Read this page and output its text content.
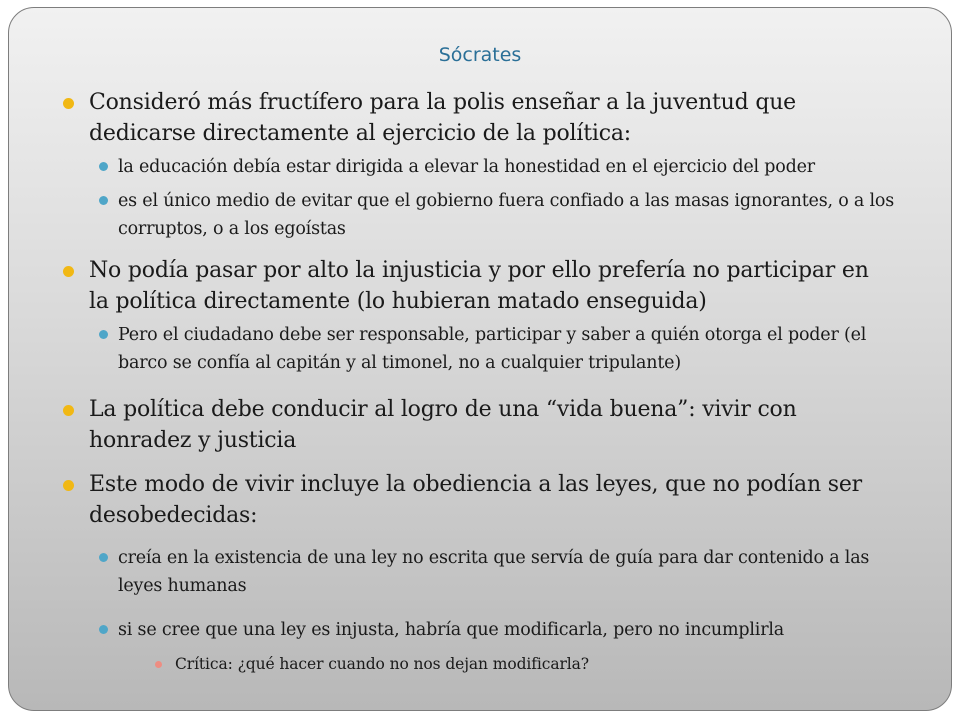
Sócrates

Consideró más fructífero para la polis enseñar a la juventud que dedicarse directamente al ejercicio de la política:

la educación debía estar dirigida a elevar la honestidad en el ejercicio del poder

es el único medio de evitar que el gobierno fuera confiado a las masas ignorantes, o a los corruptos, o a los egoístas

No podía pasar por alto la injusticia y por ello prefería no participar en la política directamente (lo hubieran matado enseguida)

Pero el ciudadano debe ser responsable, participar y saber a quién otorga el poder (el barco se confía al capitán y al timonel, no a cualquier tripulante)

La política debe conducir al logro de una “vida buena”: vivir con honradez y justicia

Este modo de vivir incluye la obediencia a las leyes, que no podían ser desobedecidas:

creía en la existencia de una ley no escrita que servía de guía para dar contenido a las leyes humanas

si se cree que una ley es injusta, habría que modificarla, pero no incumplirla

Crítica: ¿qué hacer cuando no nos dejan modificarla?
